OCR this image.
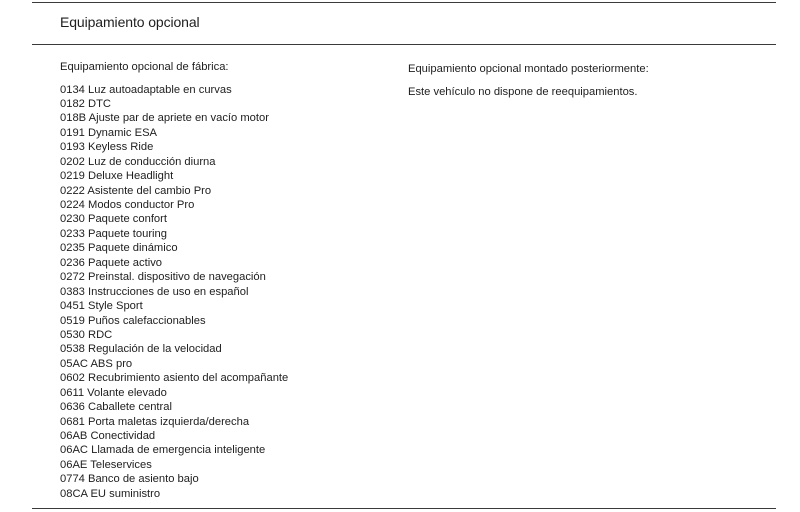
Equipamiento opcional
Equipamiento opcional de fábrica:
0134 Luz autoadaptable en curvas
0182 DTC
018B Ajuste par de apriete en vacío motor
0191 Dynamic ESA
0193 Keyless Ride
0202 Luz de conducción diurna
0219 Deluxe Headlight
0222 Asistente del cambio Pro
0224 Modos conductor Pro
0230 Paquete confort
0233 Paquete touring
0235 Paquete dinámico
0236 Paquete activo
0272 Preinstal. dispositivo de navegación
0383 Instrucciones de uso en español
0451 Style Sport
0519 Puños calefaccionables
0530 RDC
0538 Regulación de la velocidad
05AC ABS pro
0602 Recubrimiento asiento del acompañante
0611 Volante elevado
0636 Caballete central
0681 Porta maletas izquierda/derecha
06AB Conectividad
06AC Llamada de emergencia inteligente
06AE Teleservices
0774 Banco de asiento bajo
08CA EU suministro
Equipamiento opcional montado posteriormente:
Este vehículo no dispone de reequipamientos.
